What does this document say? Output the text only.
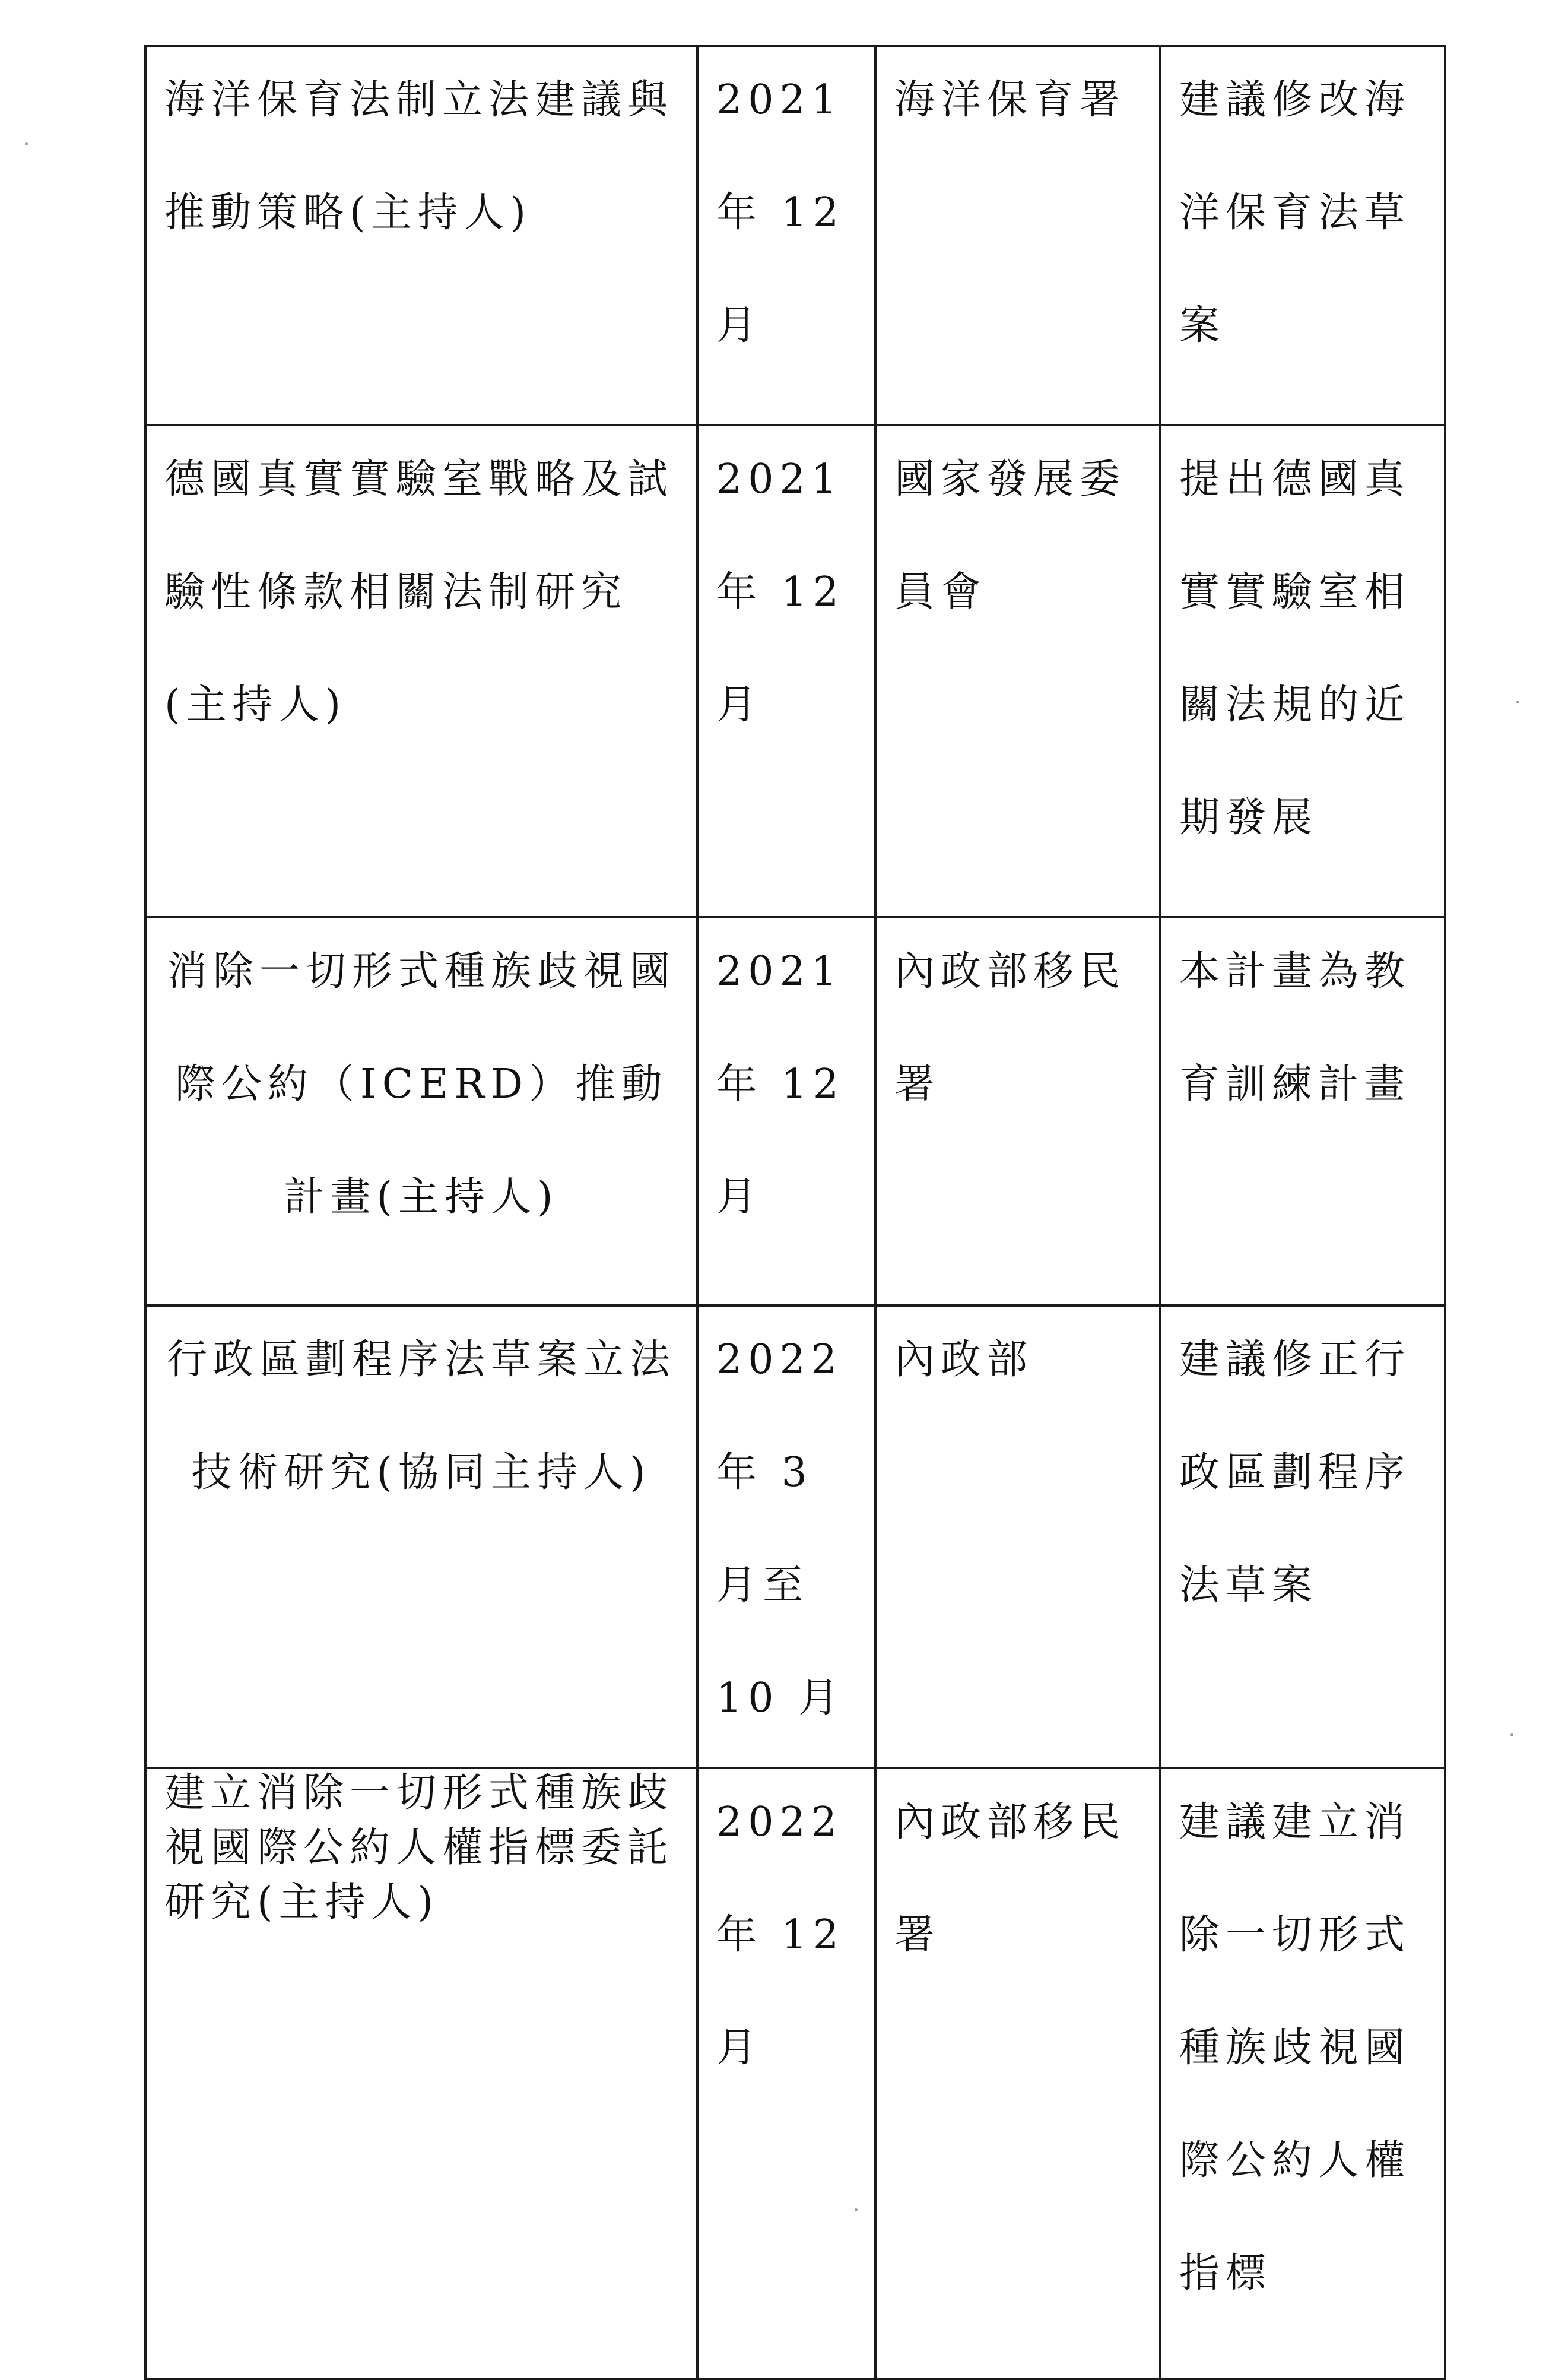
海洋保育法制立法建議與推動策略(主持人)	2021 年 12 月	海洋保育署	建議修改海洋保育法草案

德國真實實驗室戰略及試驗性條款相關法制研究(主持人)	2021 年 12 月	國家發展委員會	提出德國真實實驗室相關法規的近期發展

消除一切形式種族歧視國際公約（ICERD）推動計畫(主持人)	2021 年 12 月	內政部移民署	本計畫為教育訓練計畫

行政區劃程序法草案立法技術研究(協同主持人)	2022 年 3 月至 10 月	內政部	建議修正行政區劃程序法草案

建立消除一切形式種族歧視國際公約人權指標委託研究(主持人)	2022 年 12 月	內政部移民署	建議建立消除一切形式種族歧視國際公約人權指標
